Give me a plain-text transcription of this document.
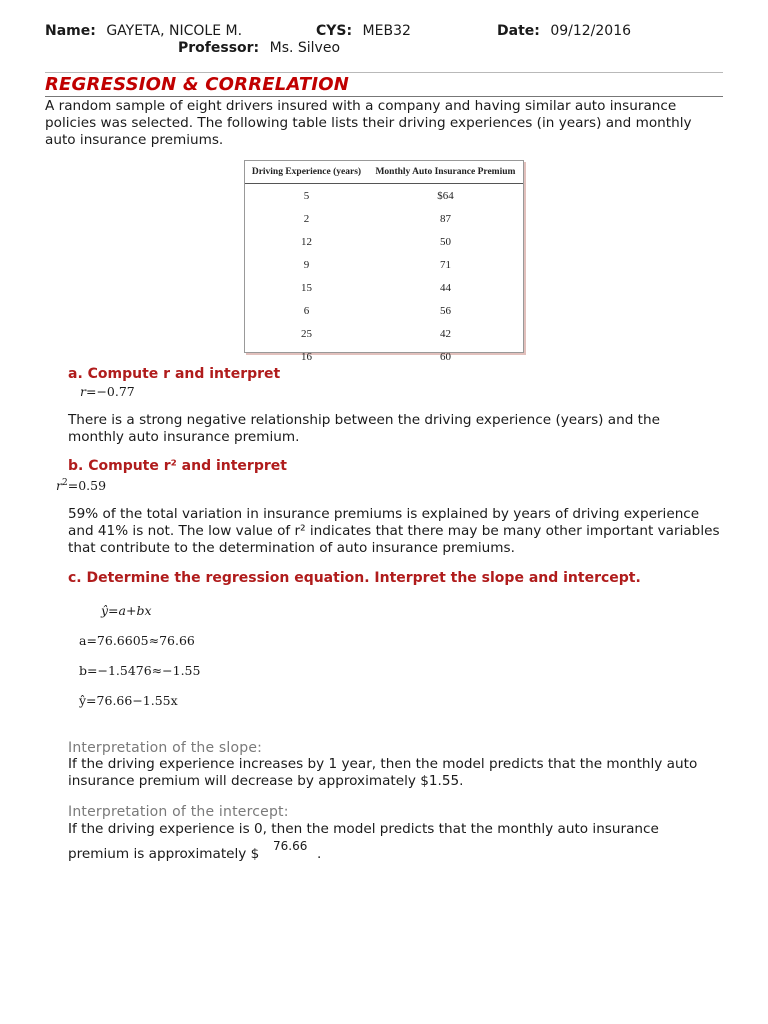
Name: GAYETA, NICOLE M.	CYS: MEB32	Date: 09/12/2016
Professor: Ms. Silveo
REGRESSION & CORRELATION
A random sample of eight drivers insured with a company and having similar auto insurance policies was selected. The following table lists their driving experiences (in years) and monthly auto insurance premiums.
Driving Experience (years)	Monthly Auto Insurance Premium
5	$64
2	87
12	50
9	71
15	44
6	56
25	42
16	60
a. Compute r and interpret
r=−0.77
There is a strong negative relationship between the driving experience (years) and the monthly auto insurance premium.
b. Compute r² and interpret
$r^2=0.59$
59% of the total variation in insurance premiums is explained by years of driving experience and 41% is not. The low value of r² indicates that there may be many other important variables that contribute to the determination of auto insurance premiums.
c. Determine the regression equation. Interpret the slope and intercept.
ŷ=a+bx
a=76.6605≈76.66
b=−1.5476≈−1.55
ŷ=76.66−1.55x
Interpretation of the slope:
If the driving experience increases by 1 year, then the model predicts that the monthly auto insurance premium will decrease by approximately $1.55.
Interpretation of the intercept:
If the driving experience is 0, then the model predicts that the monthly auto insurance
premium is approximately $ 76.66 .
